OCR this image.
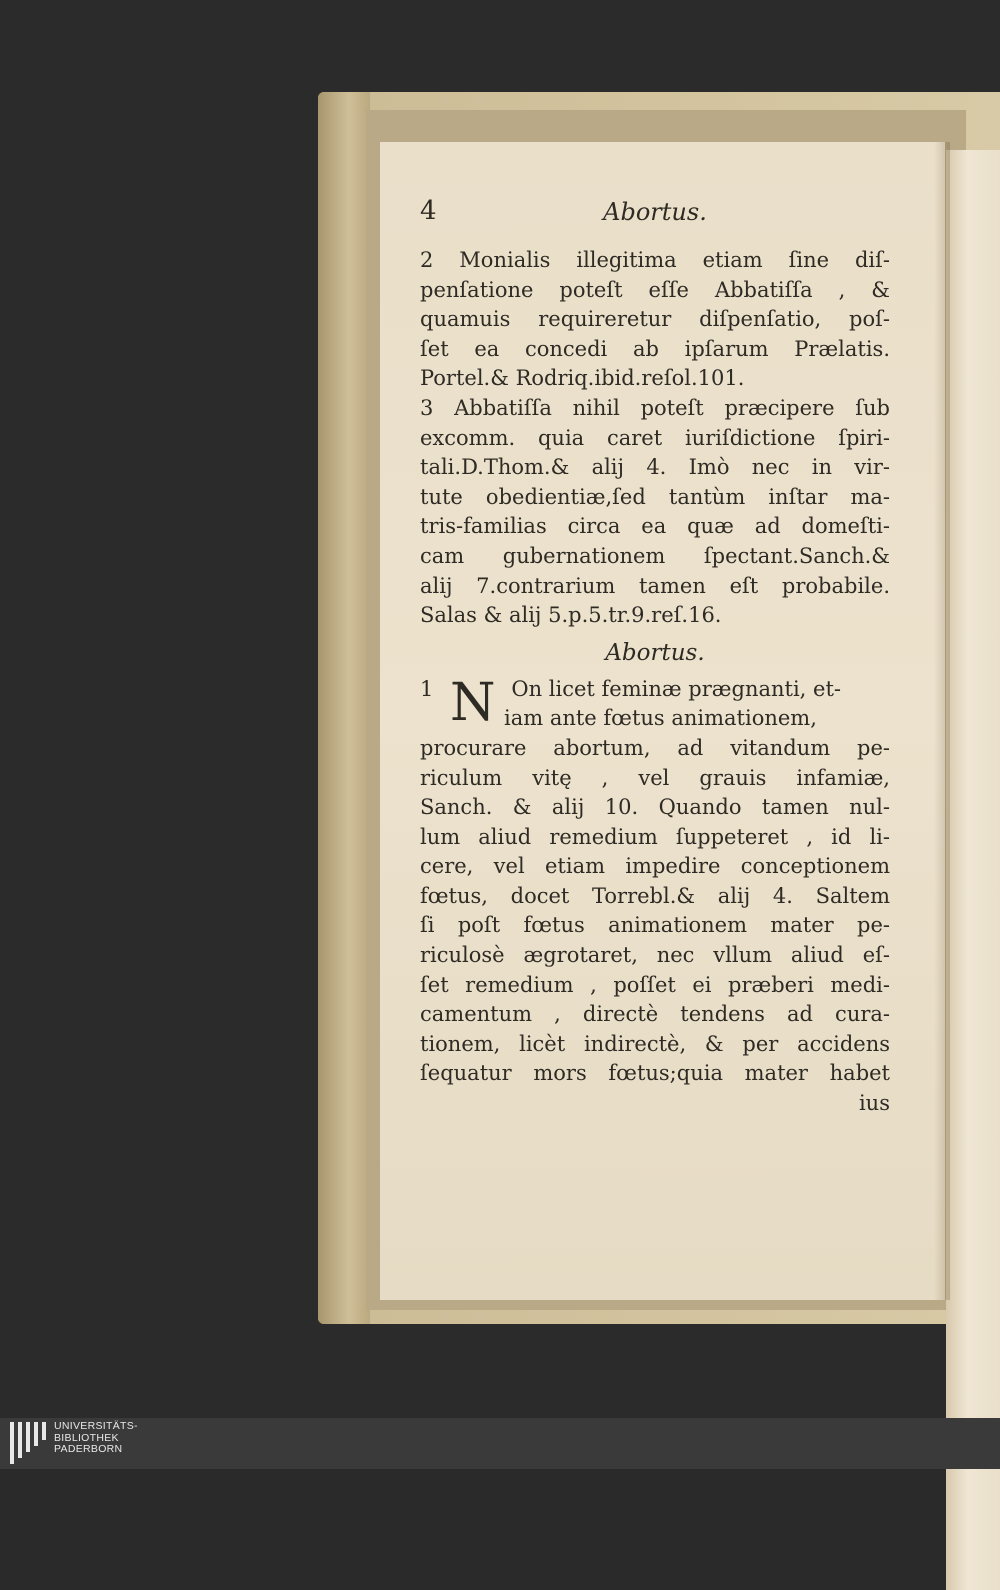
4	Abortus.
2 Monialis illegitima etiam ſine diſ-
penſatione poteſt eſſe Abbatiſſa , &
quamuis requireretur diſpenſatio, poſ-
ſet ea concedi ab ipſarum Prælatis.
Portel.& Rodriq.ibid.reſol.101.
3 Abbatiſſa nihil poteſt præcipere ſub
excomm. quia caret iuriſdictione ſpiri-
tali.D.Thom.& alij 4. Imò nec in vir-
tute obedientiæ,ſed tantùm inſtar ma-
tris-familias circa ea quæ ad domeſti-
cam gubernationem ſpectant.Sanch.&
alij 7.contrarium tamen eſt probabile.
Salas & alij 5.p.5.tr.9.reſ.16.
Abortus.
1	On licet feminæ prægnanti, et-
N iam ante fœtus animationem,
procurare abortum, ad vitandum pe-
riculum vitę , vel grauis infamiæ,
Sanch. & alij 10. Quando tamen nul-
lum aliud remedium ſuppeteret , id li-
cere, vel etiam impedire conceptionem
fœtus, docet Torrebl.& alij 4. Saltem
ſi poſt fœtus animationem mater pe-
riculosè ægrotaret, nec vllum aliud eſ-
ſet remedium , poſſet ei præberi medi-
camentum , directè tendens ad cura-
tionem, licèt indirectè, & per accidens
ſequatur mors fœtus;quia mater habet
ius
UNIVERSITÄTS-
BIBLIOTHEK
PADERBORN
